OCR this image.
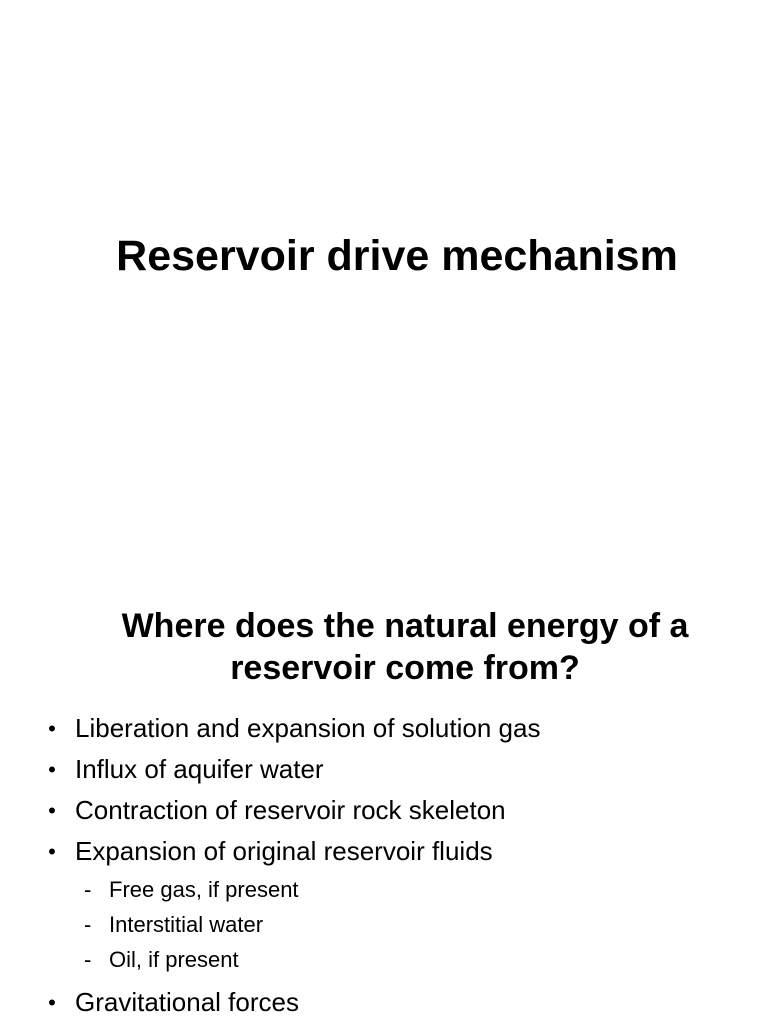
Reservoir drive mechanism
Where does the natural energy of a
reservoir come from?
• Liberation and expansion of solution gas
• Influx of aquifer water
• Contraction of reservoir rock skeleton
• Expansion of original reservoir fluids
- Free gas, if present
- Interstitial water
- Oil, if present
• Gravitational forces
